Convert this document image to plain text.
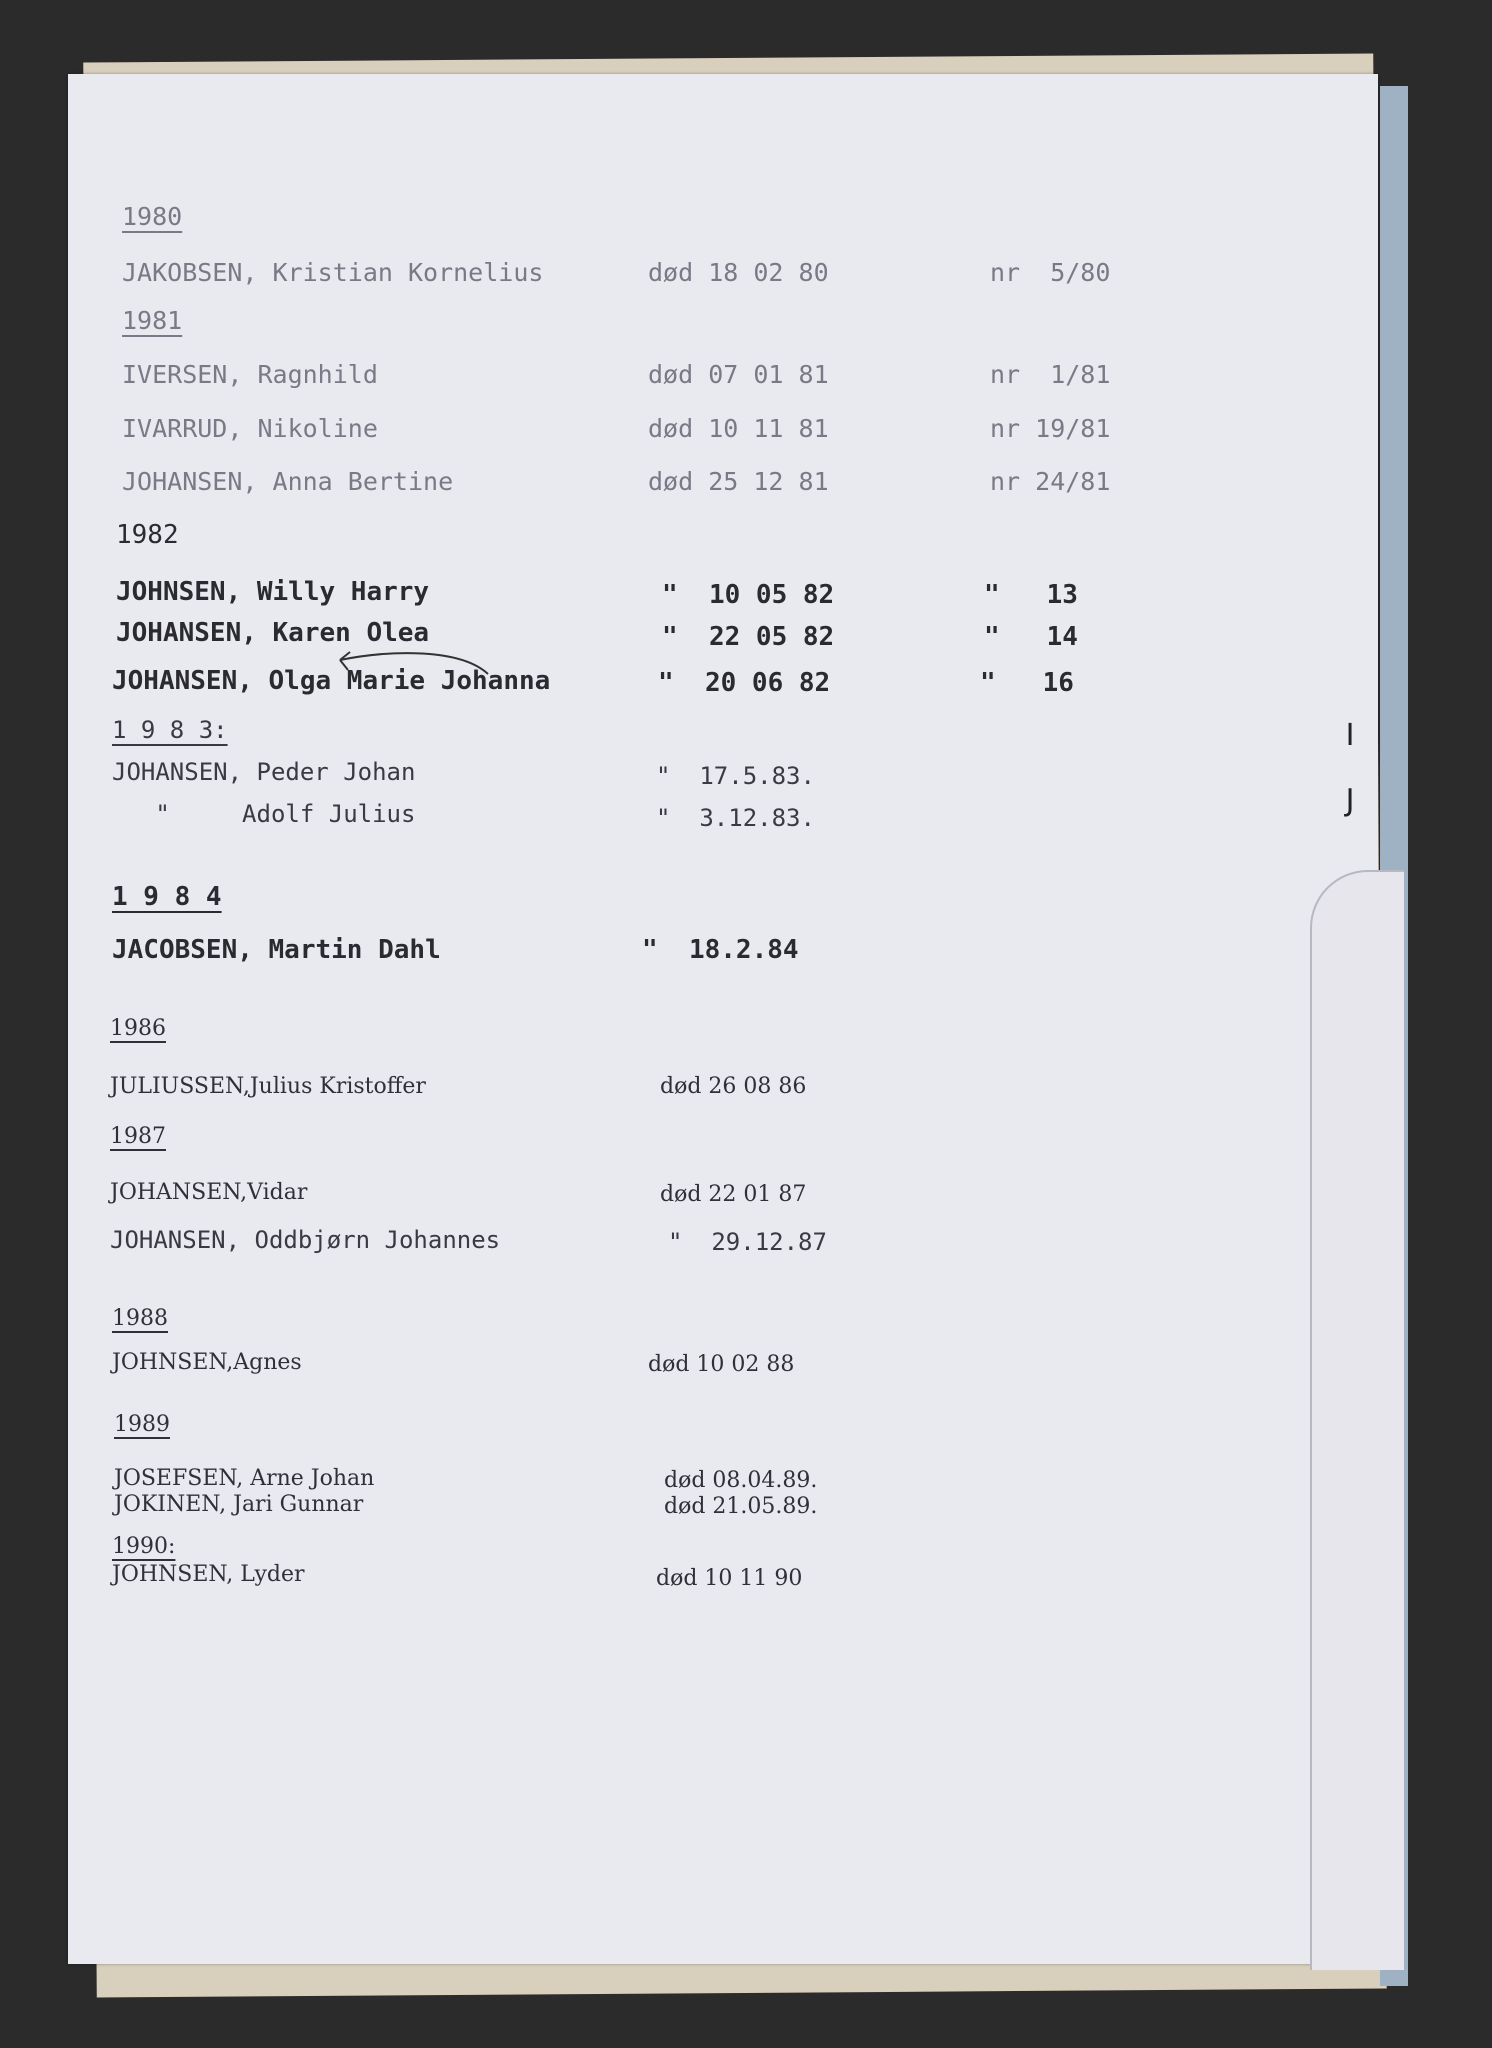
I
J
1980
JAKOBSEN, Kristian Kornelius	død 18 02 80	nr  5/80
1981
IVERSEN, Ragnhild	død 07 01 81	nr  1/81
IVARRUD, Nikoline	død 10 11 81	nr 19/81
JOHANSEN, Anna Bertine	død 25 12 81	nr 24/81
1982
JOHNSEN, Willy Harry	"  10 05 82	"   13
JOHANSEN, Karen Olea	"  22 05 82	"   14
JOHANSEN, Olga Marie Johanna	"  20 06 82	"   16
1 9 8 3:
JOHANSEN, Peder Johan	"  17.5.83.
"     Adolf Julius	"  3.12.83.
1 9 8 4
JACOBSEN, Martin Dahl	"  18.2.84
1986
JULIUSSEN,Julius Kristoffer	død 26 08 86
1987
JOHANSEN,Vidar	død 22 01 87
JOHANSEN, Oddbjørn Johannes	"  29.12.87
1988
JOHNSEN,Agnes	død 10 02 88
1989
JOSEFSEN, Arne Johan	død 08.04.89.
JOKINEN, Jari Gunnar	død 21.05.89.
1990:
JOHNSEN, Lyder	død 10 11 90
